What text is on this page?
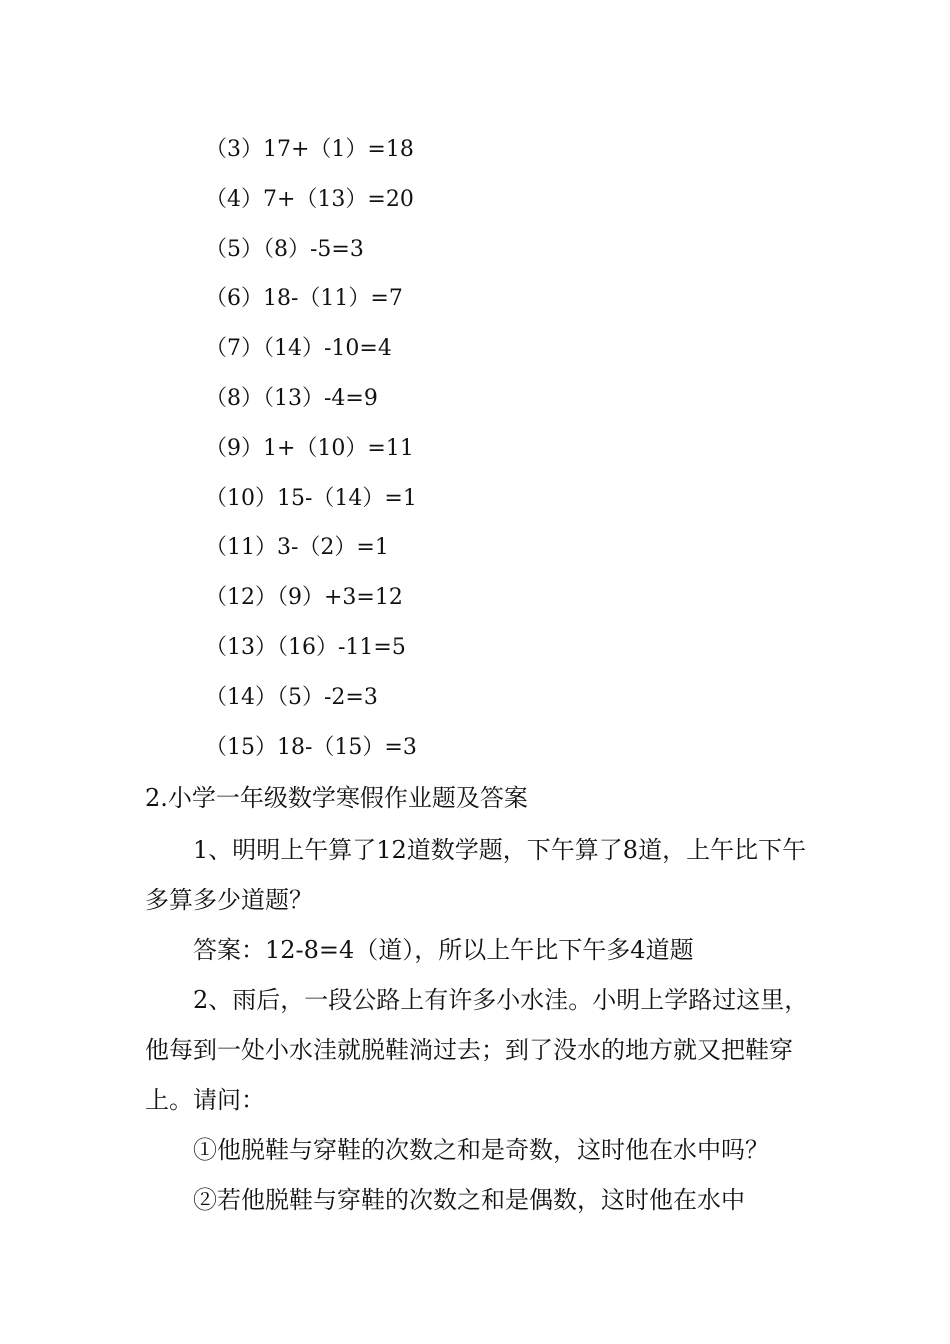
（3）17+（1）=18
（4）7+（13）=20
（5）（8）-5=3
（6）18-（11）=7
（7）（14）-10=4
（8）（13）-4=9
（9）1+（10）=11
（10）15-（14）=1
（11）3-（2）=1
（12）（9）+3=12
（13）（16）-11=5
（14）（5）-2=3
（15）18-（15）=3
2.小学一年级数学寒假作业题及答案

1、明明上午算了12道数学题，下午算了8道，上午比下午多算多少道题？

答案：12-8=4（道），所以上午比下午多4道题

2、雨后，一段公路上有许多小水洼。小明上学路过这里，他每到一处小水洼就脱鞋淌过去；到了没水的地方就又把鞋穿上。请问：

①他脱鞋与穿鞋的次数之和是奇数，这时他在水中吗？

②若他脱鞋与穿鞋的次数之和是偶数，这时他在水中
